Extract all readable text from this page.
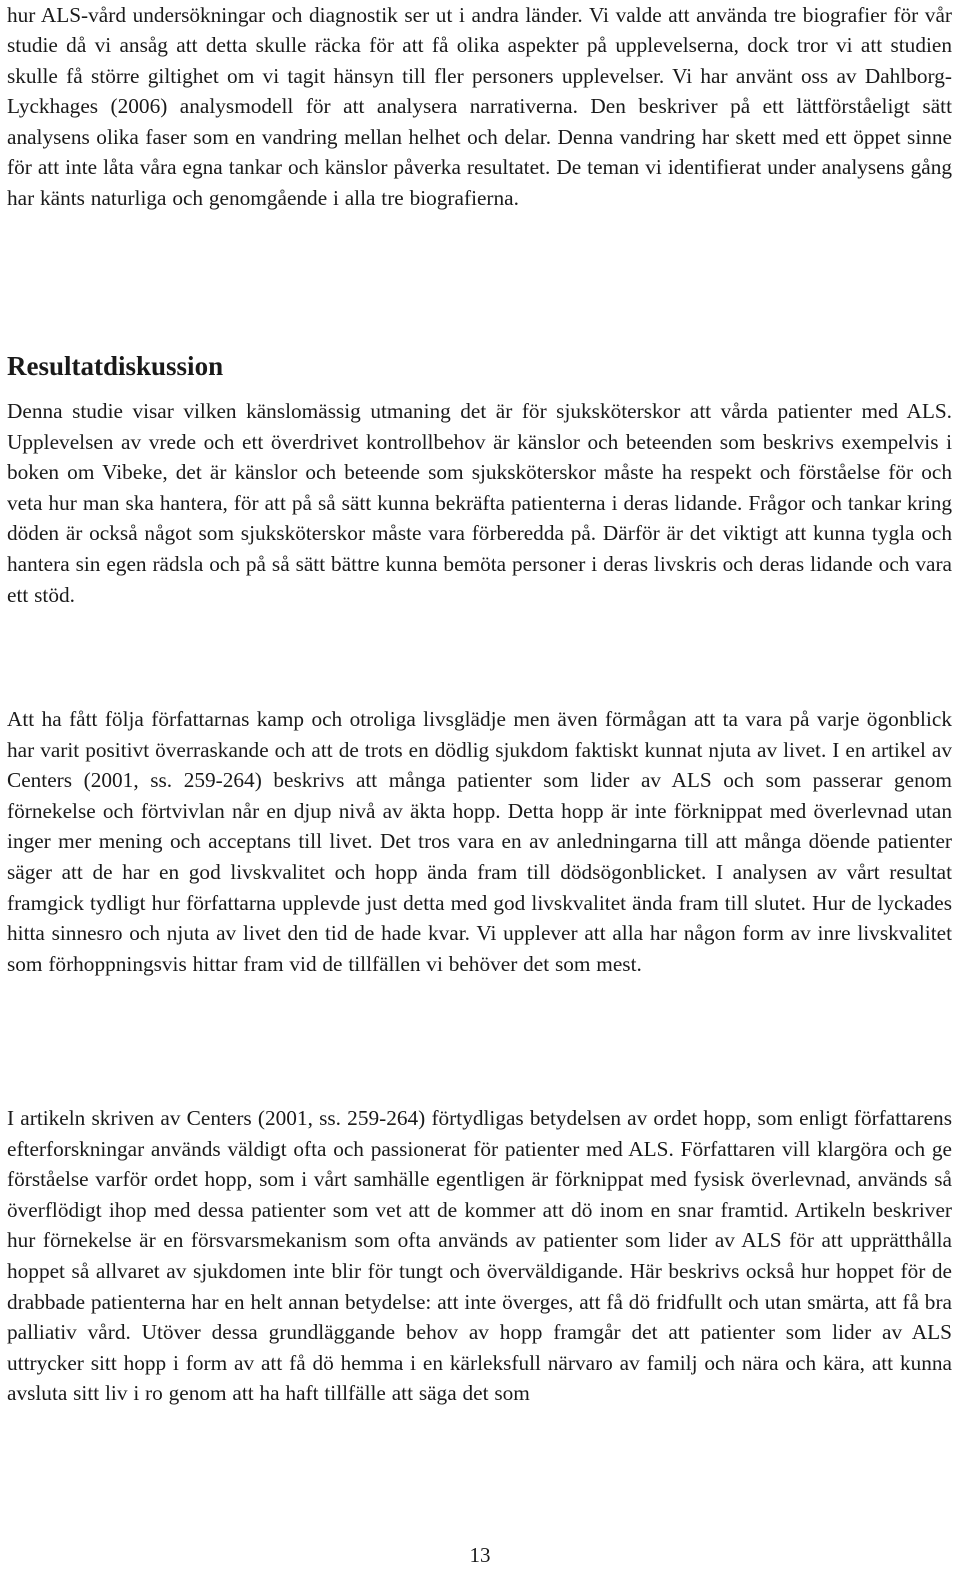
hur ALS-vård undersökningar och diagnostik ser ut i andra länder. Vi valde att använda tre biografier för vår studie då vi ansåg att detta skulle räcka för att få olika aspekter på upplevelserna, dock tror vi att studien skulle få större giltighet om vi tagit hänsyn till fler personers upplevelser. Vi har använt oss av Dahlborg-Lyckhages (2006) analysmodell för att analysera narrativerna. Den beskriver på ett lättförståeligt sätt analysens olika faser som en vandring mellan helhet och delar. Denna vandring har skett med ett öppet sinne för att inte låta våra egna tankar och känslor påverka resultatet. De teman vi identifierat under analysens gång har känts naturliga och genomgående i alla tre biografierna.

Resultatdiskussion

Denna studie visar vilken känslomässig utmaning det är för sjuksköterskor att vårda patienter med ALS. Upplevelsen av vrede och ett överdrivet kontrollbehov är känslor och beteenden som beskrivs exempelvis i boken om Vibeke, det är känslor och beteende som sjuksköterskor måste ha respekt och förståelse för och veta hur man ska hantera, för att på så sätt kunna bekräfta patienterna i deras lidande. Frågor och tankar kring döden är också något som sjuksköterskor måste vara förberedda på. Därför är det viktigt att kunna tygla och hantera sin egen rädsla och på så sätt bättre kunna bemöta personer i deras livskris och deras lidande och vara ett stöd.

Att ha fått följa författarnas kamp och otroliga livsglädje men även förmågan att ta vara på varje ögonblick har varit positivt överraskande och att de trots en dödlig sjukdom faktiskt kunnat njuta av livet. I en artikel av Centers (2001, ss. 259-264) beskrivs att många patienter som lider av ALS och som passerar genom förnekelse och förtvivlan når en djup nivå av äkta hopp. Detta hopp är inte förknippat med överlevnad utan inger mer mening och acceptans till livet. Det tros vara en av anledningarna till att många döende patienter säger att de har en god livskvalitet och hopp ända fram till dödsögonblicket. I analysen av vårt resultat framgick tydligt hur författarna upplevde just detta med god livskvalitet ända fram till slutet. Hur de lyckades hitta sinnesro och njuta av livet den tid de hade kvar. Vi upplever att alla har någon form av inre livskvalitet som förhoppningsvis hittar fram vid de tillfällen vi behöver det som mest.

I artikeln skriven av Centers (2001, ss. 259-264) förtydligas betydelsen av ordet hopp, som enligt författarens efterforskningar används väldigt ofta och passionerat för patienter med ALS. Författaren vill klargöra och ge förståelse varför ordet hopp, som i vårt samhälle egentligen är förknippat med fysisk överlevnad, används så överflödigt ihop med dessa patienter som vet att de kommer att dö inom en snar framtid. Artikeln beskriver hur förnekelse är en försvarsmekanism som ofta används av patienter som lider av ALS för att upprätthålla hoppet så allvaret av sjukdomen inte blir för tungt och överväldigande. Här beskrivs också hur hoppet för de drabbade patienterna har en helt annan betydelse: att inte överges, att få dö fridfullt och utan smärta, att få bra palliativ vård. Utöver dessa grundläggande behov av hopp framgår det att patienter som lider av ALS uttrycker sitt hopp i form av att få dö hemma i en kärleksfull närvaro av familj och nära och kära, att kunna avsluta sitt liv i ro genom att ha haft tillfälle att säga det som

13
